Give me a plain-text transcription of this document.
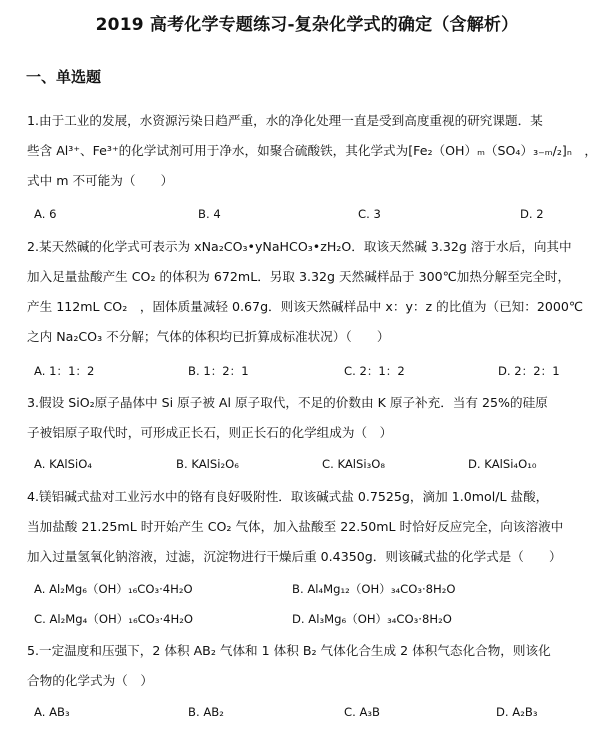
2019 高考化学专题练习-复杂化学式的确定（含解析）
一、单选题
1.由于工业的发展，水资源污染日趋严重，水的净化处理一直是受到高度重视的研究课题．某
些含 Al³⁺、Fe³⁺的化学试剂可用于净水，如聚合硫酸铁，其化学式为[Fe₂（OH）ₘ（SO₄）₃₋ₘ/₂]ₙ　，
式中 m 不可能为（　　）
A. 6	B. 4	C. 3	D. 2
2.某天然碱的化学式可表示为 xNa₂CO₃•yNaHCO₃•zH₂O．取该天然碱 3.32g 溶于水后，向其中
加入足量盐酸产生 CO₂ 的体积为 672mL．另取 3.32g 天然碱样品于 300℃加热分解至完全时，
产生 112mL CO₂　，固体质量减轻 0.67g．则该天然碱样品中 x：y：z 的比值为（已知：2000℃
之内 Na₂CO₃ 不分解；气体的体积均已折算成标准状况）（　　）
A. 1：1：2	B. 1：2：1	C. 2：1：2	D. 2：2：1
3.假设 SiO₂原子晶体中 Si 原子被 Al 原子取代，不足的价数由 K 原子补充．当有 25%的硅原
子被铝原子取代时，可形成正长石，则正长石的化学组成为（　）
A. KAlSiO₄	B. KAlSi₂O₆	C. KAlSi₃O₈	D. KAlSi₄O₁₀
4.镁铝碱式盐对工业污水中的铬有良好吸附性．取该碱式盐 0.7525g，滴加 1.0mol/L 盐酸，
当加盐酸 21.25mL 时开始产生 CO₂ 气体，加入盐酸至 22.50mL 时恰好反应完全，向该溶液中
加入过量氢氧化钠溶液，过滤，沉淀物进行干燥后重 0.4350g．则该碱式盐的化学式是（　　）
A. Al₂Mg₆（OH）₁₆CO₃·4H₂O	B. Al₄Mg₁₂（OH）₃₄CO₃·8H₂O
C. Al₂Mg₄（OH）₁₆CO₃·4H₂O	D. Al₃Mg₆（OH）₃₄CO₃·8H₂O
5.一定温度和压强下，2 体积 AB₂ 气体和 1 体积 B₂ 气体化合生成 2 体积气态化合物，则该化
合物的化学式为（　）
A. AB₃	B. AB₂	C. A₃B	D. A₂B₃
